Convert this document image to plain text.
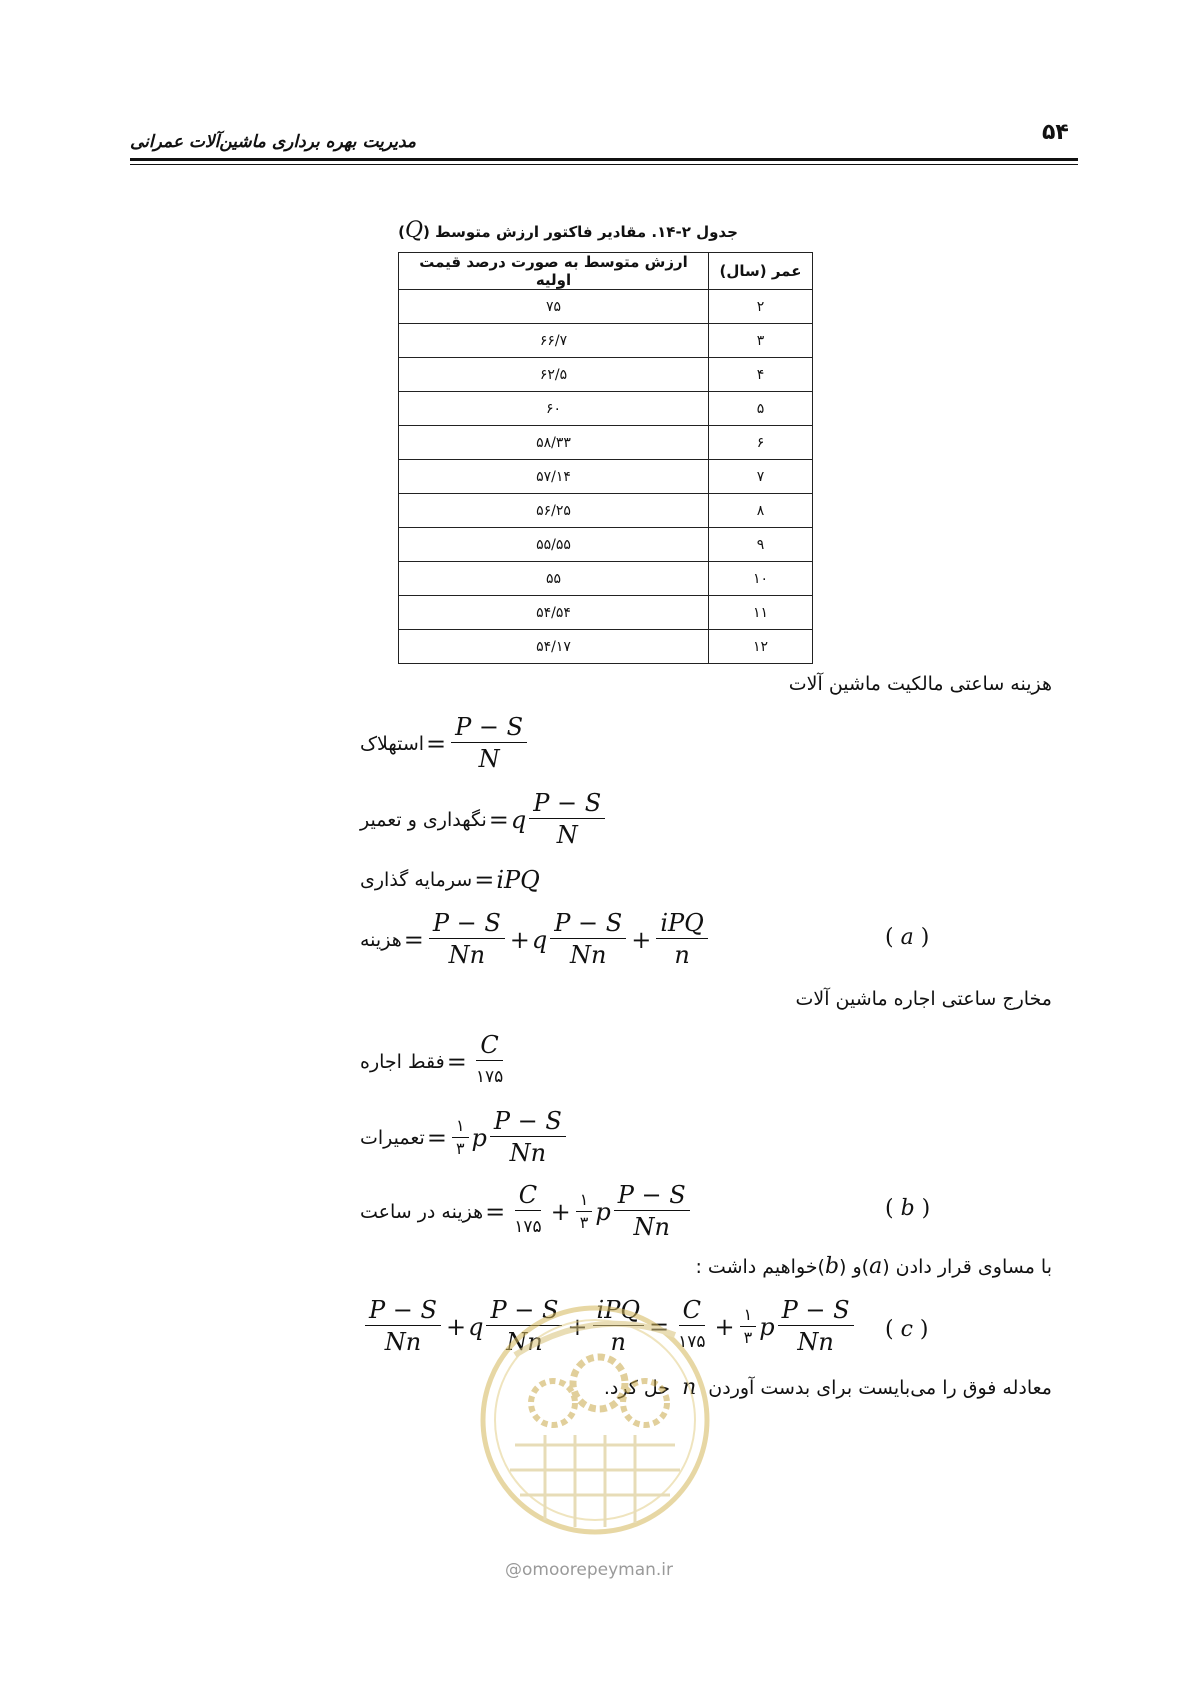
۵۴
مدیریت بهره برداری ماشین‌آلات عمرانی
جدول ۲-۱۴. مقادیر فاکتور ارزش متوسط (Q)
عمر (سال)	ارزش متوسط به صورت درصد قیمت اولیه
۲	۷۵
۳	۶۶/۷
۴	۶۲/۵
۵	۶۰
۶	۵۸/۳۳
۷	۵۷/۱۴
۸	۵۶/۲۵
۹	۵۵/۵۵
۱۰	۵۵
۱۱	۵۴/۵۴
۱۲	۵۴/۱۷
هزینه ساعتی مالکیت ماشین آلات
استهلاک = $\frac{P - S}{N}$
نگهداری و تعمیر = q $\frac{P - S}{N}$
سرمایه گذاری = iPQ
هزینه = $\frac{P - S}{Nn} + q \frac{P - S}{Nn} + \frac{\text{iPQ}}{n}$	( a )
مخارج ساعتی اجاره ماشین آلات
فقط اجاره = $\frac{C}{۱۷۵}$
تعمیرات = $\frac{۱}{۳}$ p $\frac{P - S}{Nn}$
هزینه در ساعت = $\frac{C}{۱۷۵} + \frac{۱}{۳}$ p $\frac{P - S}{Nn}$	( b )
با مساوی قرار دادن (a)و (b)خواهیم داشت :
$\frac{P - S}{Nn} + q \frac{P - S}{Nn} + \frac{\text{iPQ}}{n} = \frac{C}{۱۷۵} + \frac{۱}{۳}$ p $\frac{P - S}{Nn}$ ( c )
معادله فوق را می‌بایست برای بدست آوردن n حل کرد.
@omoorepeyman.ir
